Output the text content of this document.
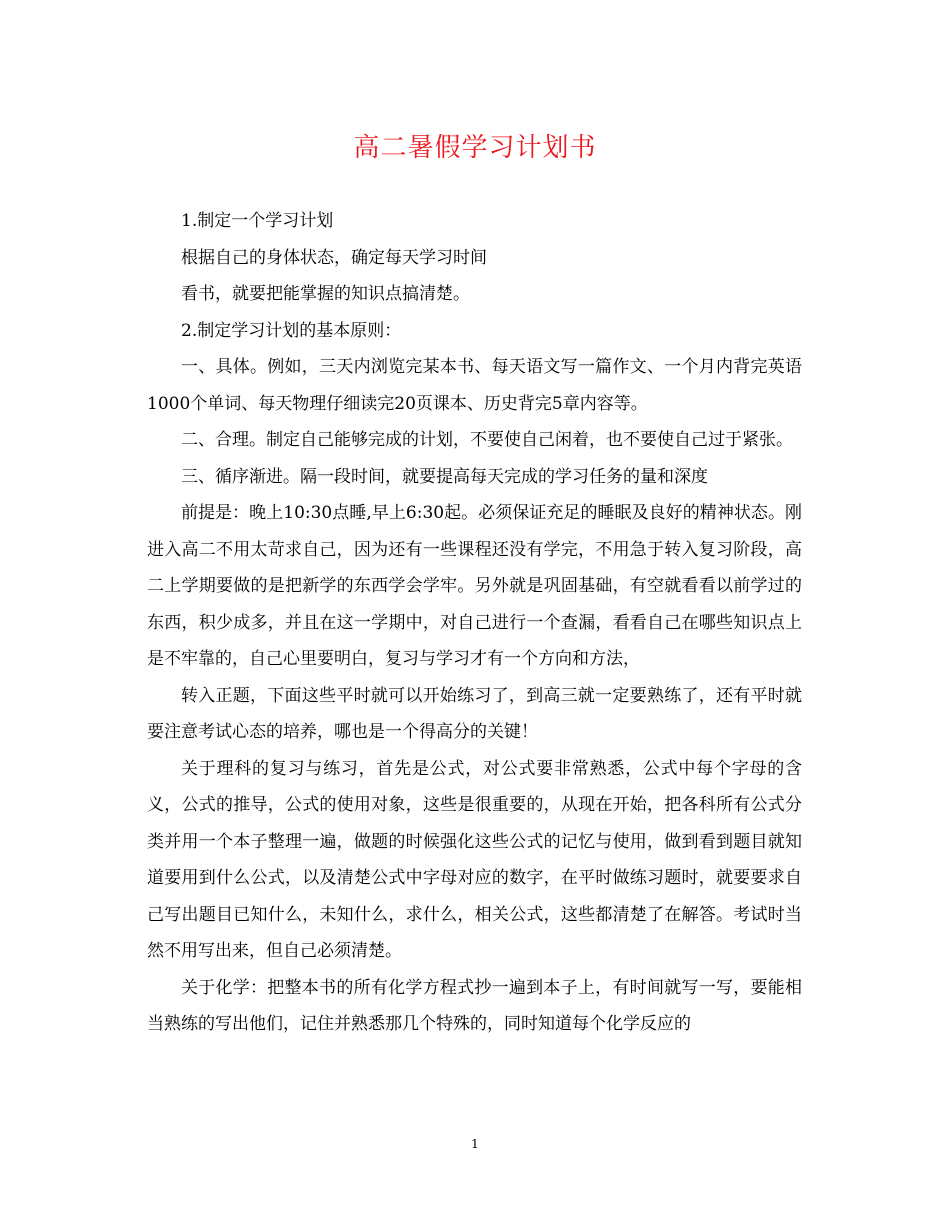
高二暑假学习计划书

1.制定一个学习计划

根据自己的身体状态，确定每天学习时间

看书，就要把能掌握的知识点搞清楚。

2.制定学习计划的基本原则：

一、具体。例如，三天内浏览完某本书、每天语文写一篇作文、一个月内背完英语1000个单词、每天物理仔细读完20页课本、历史背完5章内容等。

二、合理。制定自己能够完成的计划，不要使自己闲着，也不要使自己过于紧张。

三、循序渐进。隔一段时间，就要提高每天完成的学习任务的量和深度

前提是：晚上10:30点睡,早上6:30起。必须保证充足的睡眠及良好的精神状态。刚进入高二不用太苛求自己，因为还有一些课程还没有学完，不用急于转入复习阶段，高二上学期要做的是把新学的东西学会学牢。另外就是巩固基础，有空就看看以前学过的东西，积少成多，并且在这一学期中，对自己进行一个查漏，看看自己在哪些知识点上是不牢靠的，自己心里要明白，复习与学习才有一个方向和方法，

转入正题，下面这些平时就可以开始练习了，到高三就一定要熟练了，还有平时就要注意考试心态的培养，哪也是一个得高分的关键！

关于理科的复习与练习，首先是公式，对公式要非常熟悉，公式中每个字母的含义，公式的推导，公式的使用对象，这些是很重要的，从现在开始，把各科所有公式分类并用一个本子整理一遍，做题的时候强化这些公式的记忆与使用，做到看到题目就知道要用到什么公式，以及清楚公式中字母对应的数字，在平时做练习题时，就要要求自己写出题目已知什么，未知什么，求什么，相关公式，这些都清楚了在解答。考试时当然不用写出来，但自己必须清楚。

关于化学：把整本书的所有化学方程式抄一遍到本子上，有时间就写一写，要能相当熟练的写出他们，记住并熟悉那几个特殊的，同时知道每个化学反应的

1
